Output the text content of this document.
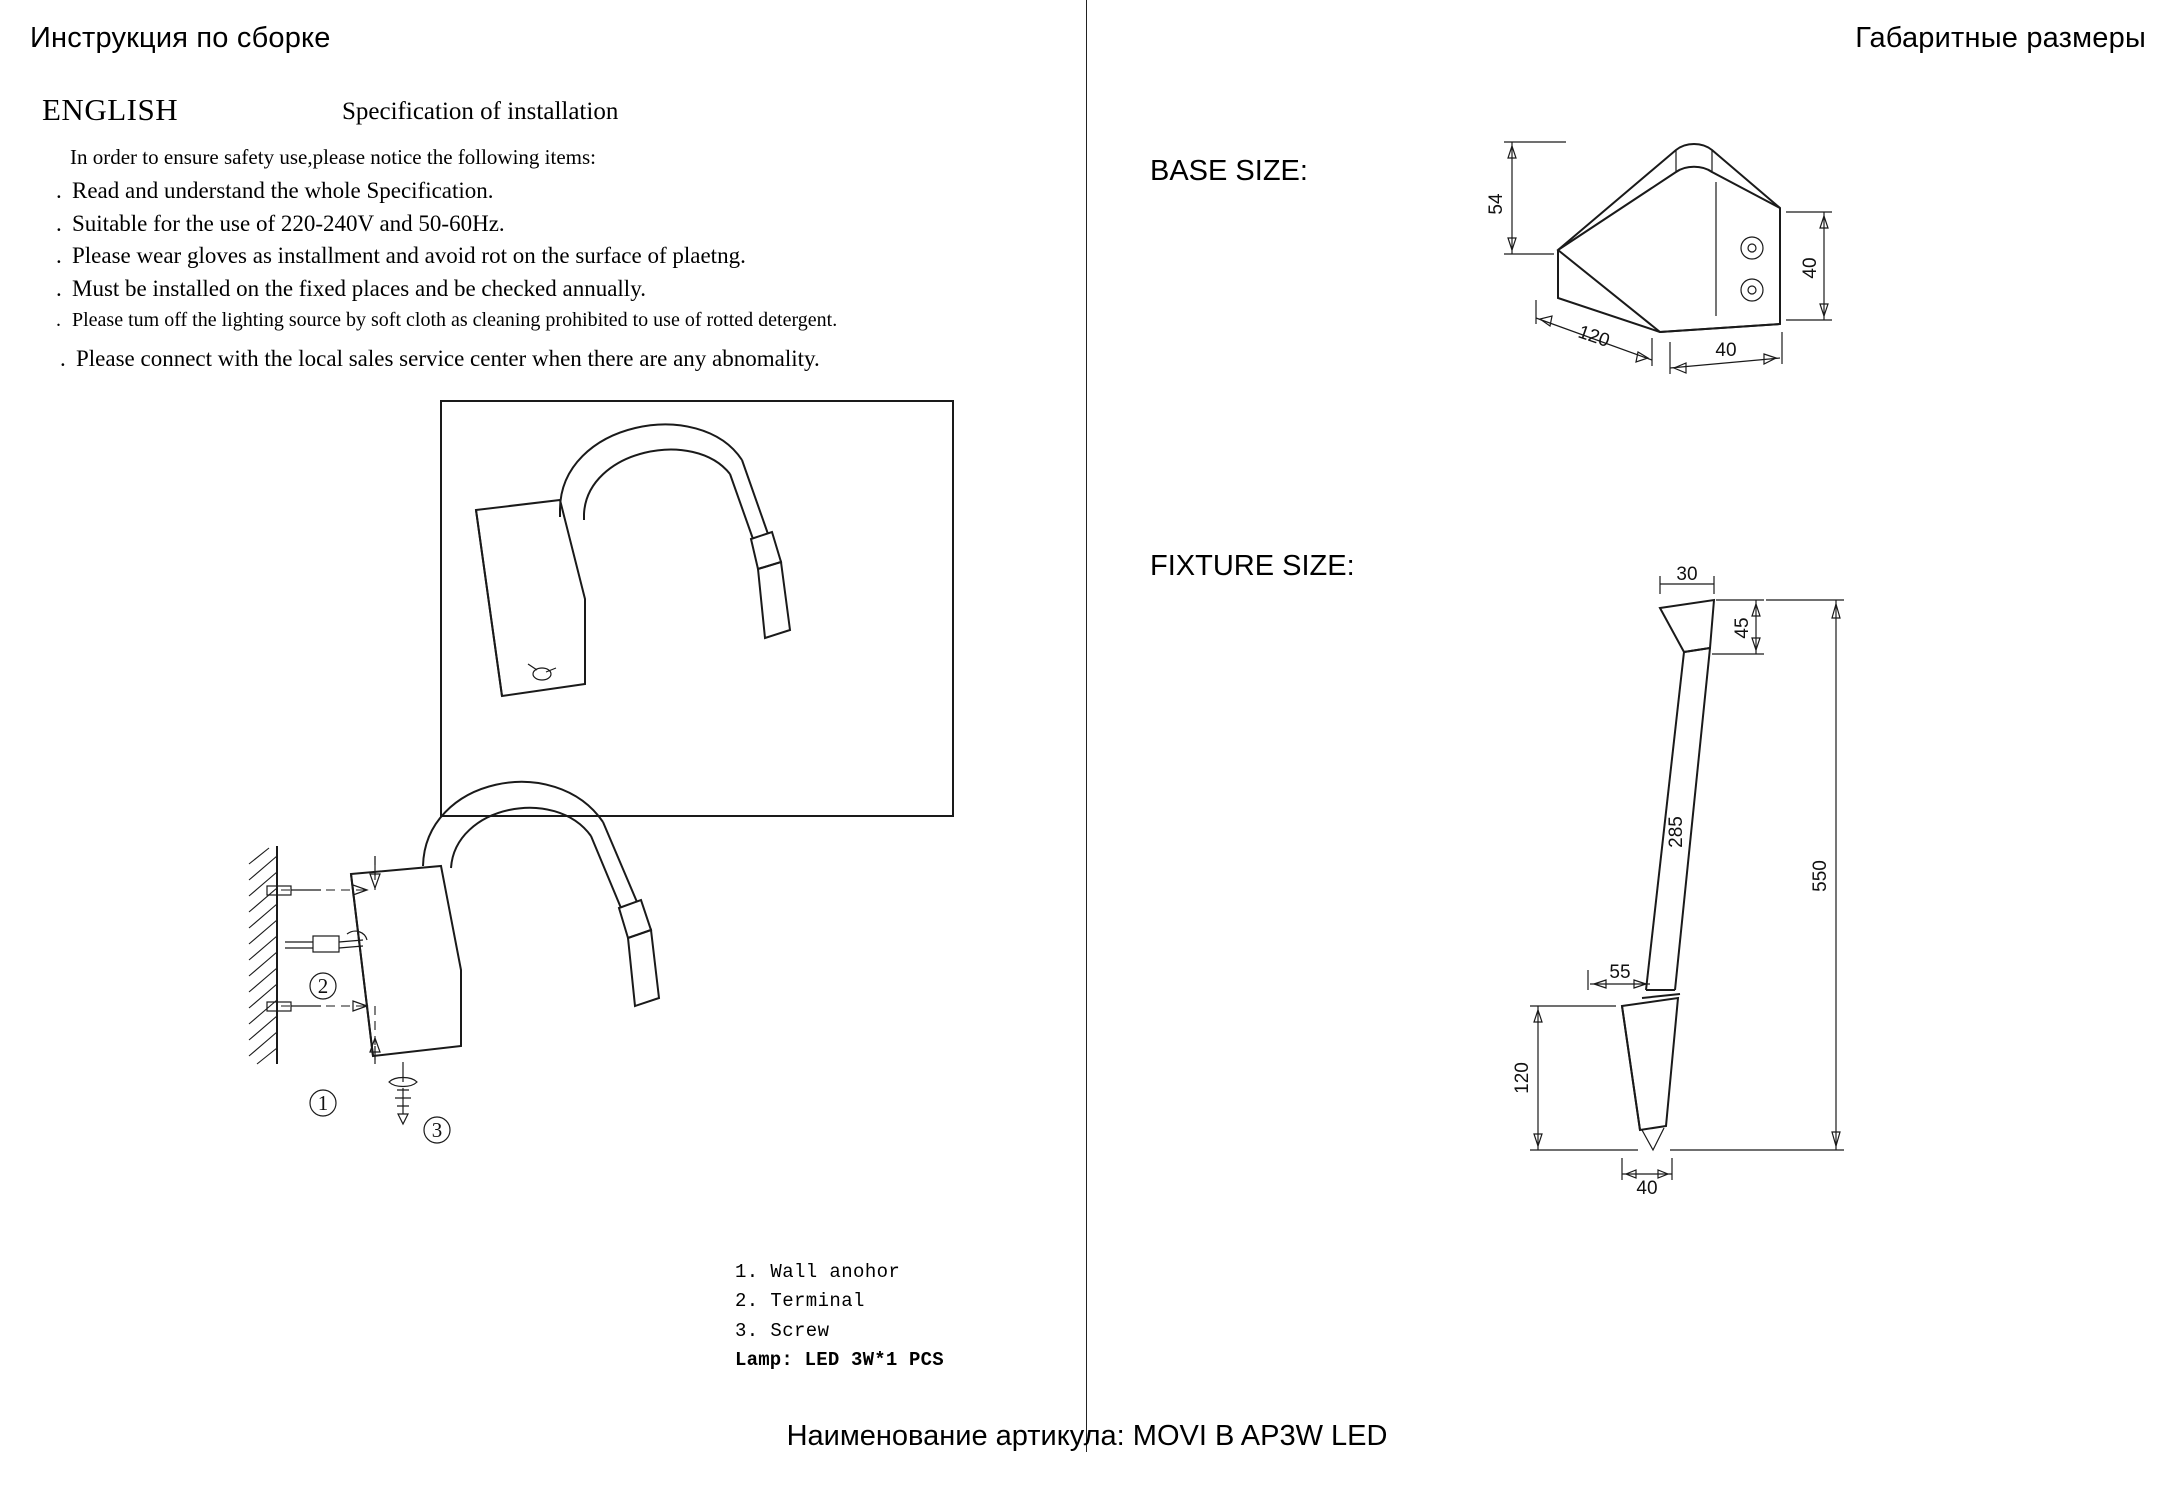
Инструкция по сборке	Габаритные размеры
ENGLISH	Specification of installation
In order to ensure safety use,please notice the following items:
. Read and understand the whole Specification.
. Suitable for the use of 220-240V and 50-60Hz.
. Please wear gloves as installment and avoid rot on the surface of plaetng.
. Must be installed on the fixed places and be checked annually.
. Please tum off the lighting source by soft cloth as cleaning prohibited to use of rotted detergent.
. Please connect with the local sales service center when there are any abnomality.
2
1
3
1. Wall anohor
2. Terminal
3. Screw
Lamp: LED 3W*1 PCS
BASE SIZE:
FIXTURE SIZE:
54
120	40
40
30
45
285
550
55
120
40
Наименование артикула: MOVI B AP3W LED
